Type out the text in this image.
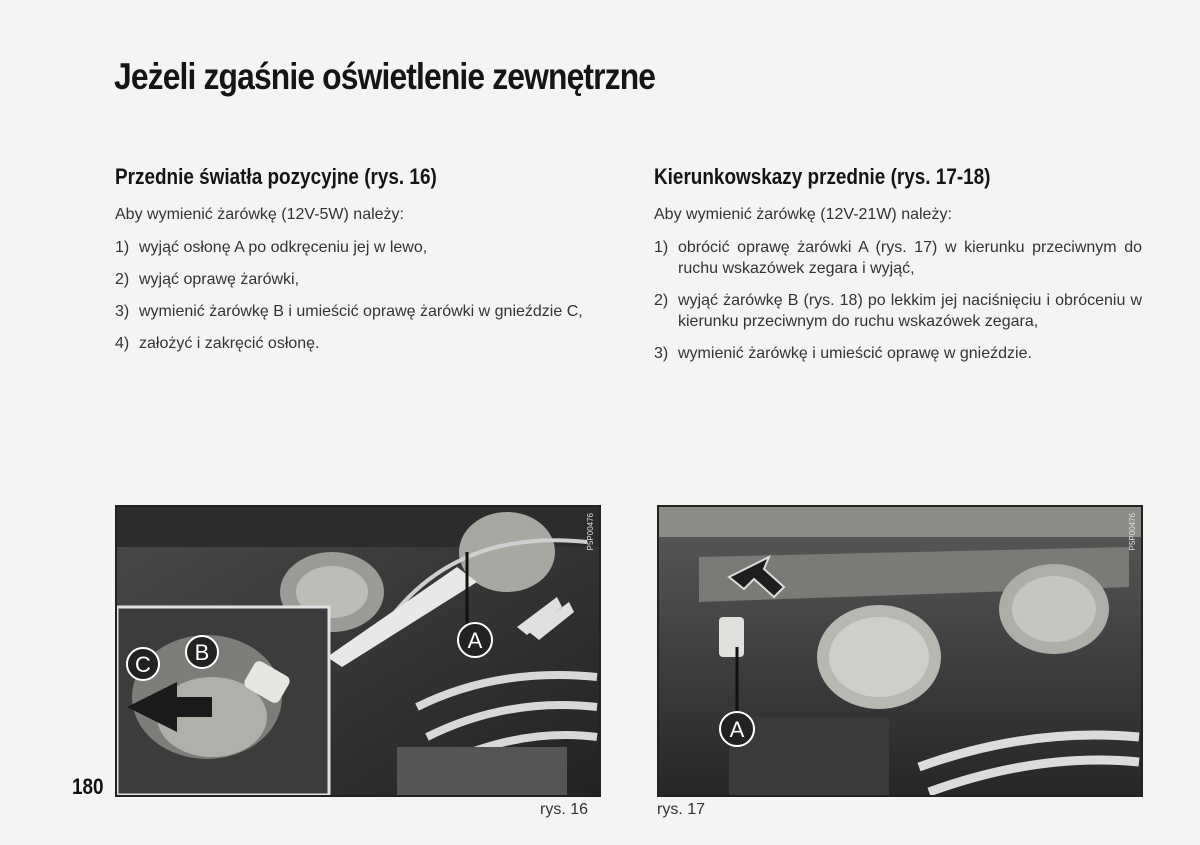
Jeżeli zgaśnie oświetlenie zewnętrzne
Przednie światła pozycyjne (rys. 16)

Aby wymienić żarówkę (12V-5W) należy:

1) wyjąć osłonę A po odkręceniu jej w lewo,
2) wyjąć oprawę żarówki,
3) wymienić żarówkę B i umieścić oprawę żarówki w gnieździe C,
4) założyć i zakręcić osłonę.
Kierunkowskazy przednie (rys. 17-18)

Aby wymienić żarówkę (12V-21W) należy:

1) obrócić oprawę żarówki A (rys. 17) w kierunku przeciwnym do ruchu wskazówek zegara i wyjąć,
2) wyjąć żarówkę B (rys. 18) po lekkim jej naciśnięciu i obróceniu w kierunku przeciwnym do ruchu wskazówek zegara,
3) wymienić żarówkę i umieścić oprawę w gnieździe.
A
B
C
P5P00476
rys. 16
A
P5P00476
rys. 17
180
